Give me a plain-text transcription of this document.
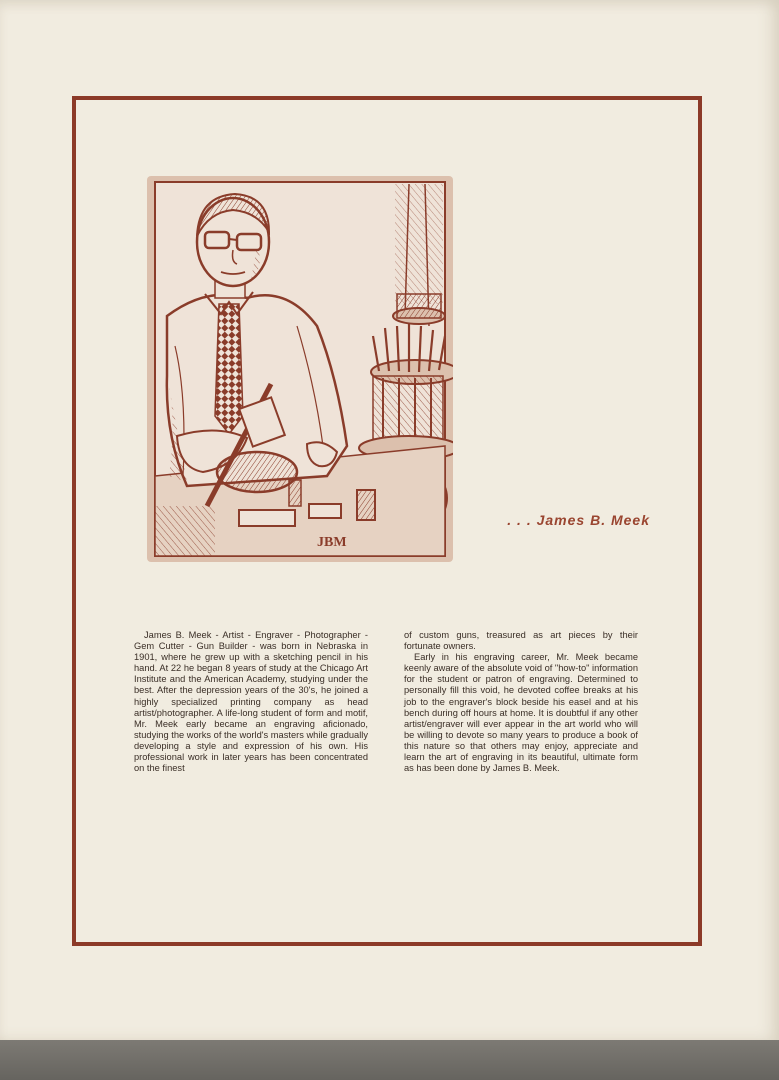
JBM
. . . James B. Meek

James B. Meek - Artist - Engraver - Photographer - Gem Cutter - Gun Builder - was born in Nebraska in 1901, where he grew up with a sketching pencil in his hand. At 22 he began 8 years of study at the Chicago Art Institute and the American Academy, studying under the best. After the depression years of the 30's, he joined a highly specialized printing company as head artist/photographer. A life-long student of form and motif, Mr. Meek early became an engraving aficionado, studying the works of the world's masters while gradually developing a style and expression of his own. His professional work in later years has been concentrated on the finest

of custom guns, treasured as art pieces by their fortunate owners.

Early in his engraving career, Mr. Meek became keenly aware of the absolute void of "how-to" information for the student or patron of engraving. Determined to personally fill this void, he devoted coffee breaks at his job to the engraver's block beside his easel and at his bench during off hours at home. It is doubtful if any other artist/engraver will ever appear in the art world who will be willing to devote so many years to produce a book of this nature so that others may enjoy, appreciate and learn the art of engraving in its beautiful, ultimate form as has been done by James B. Meek.
